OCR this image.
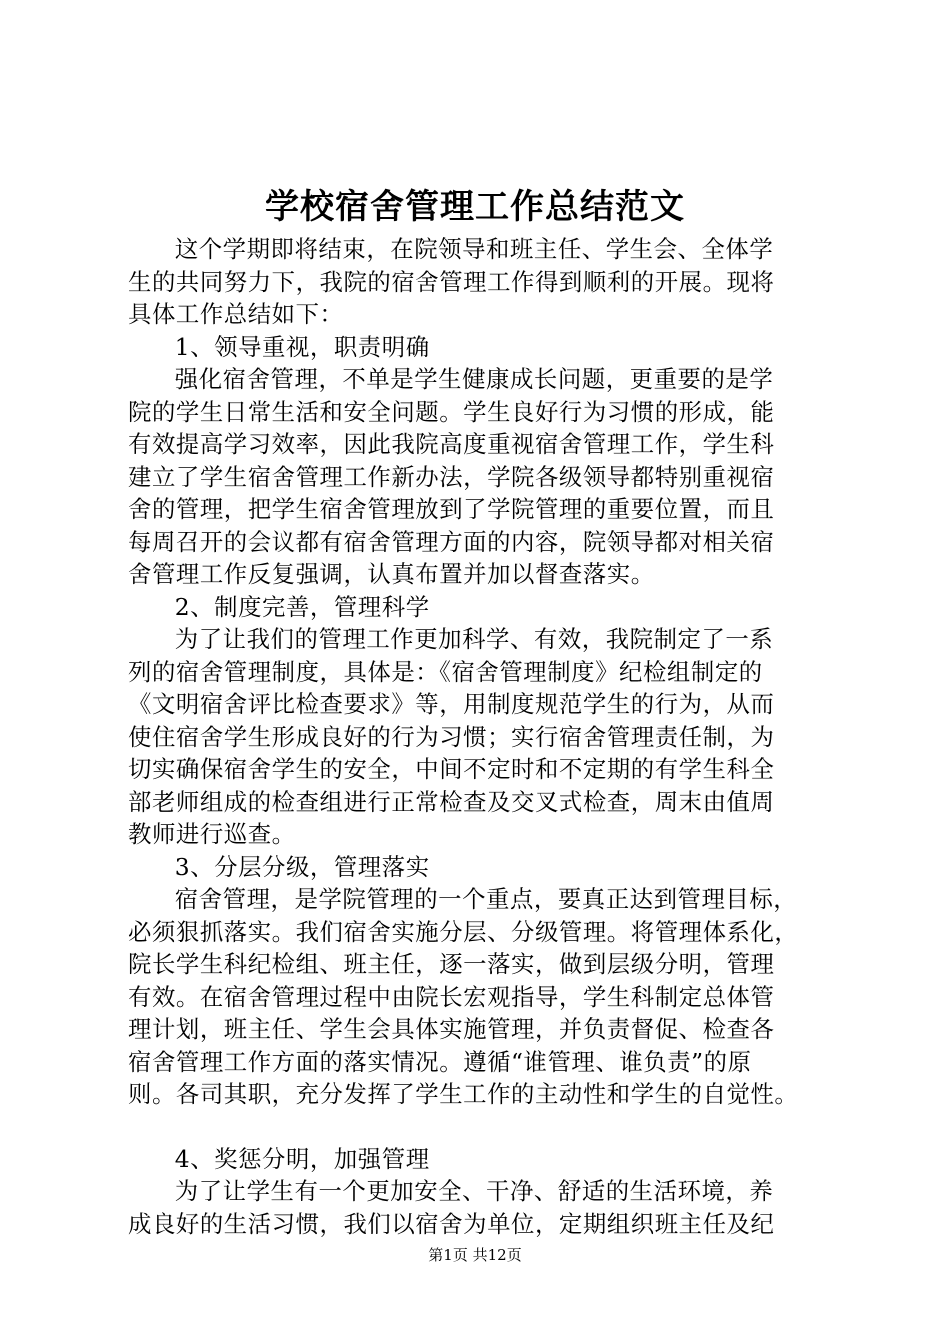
学校宿舍管理工作总结范文

这个学期即将结束，在院领导和班主任、学生会、全体学

生的共同努力下，我院的宿舍管理工作得到顺利的开展。现将

具体工作总结如下：

1、领导重视，职责明确

强化宿舍管理，不单是学生健康成长问题，更重要的是学

院的学生日常生活和安全问题。学生良好行为习惯的形成，能

有效提高学习效率，因此我院高度重视宿舍管理工作，学生科

建立了学生宿舍管理工作新办法，学院各级领导都特别重视宿

舍的管理，把学生宿舍管理放到了学院管理的重要位置，而且

每周召开的会议都有宿舍管理方面的内容，院领导都对相关宿

舍管理工作反复强调，认真布置并加以督查落实。

2、制度完善，管理科学

为了让我们的管理工作更加科学、有效，我院制定了一系

列的宿舍管理制度，具体是：《宿舍管理制度》纪检组制定的

《文明宿舍评比检查要求》等，用制度规范学生的行为，从而

使住宿舍学生形成良好的行为习惯；实行宿舍管理责任制，为

切实确保宿舍学生的安全，中间不定时和不定期的有学生科全

部老师组成的检查组进行正常检查及交叉式检查，周末由值周

教师进行巡查。

3、分层分级，管理落实

宿舍管理，是学院管理的一个重点，要真正达到管理目标，

必须狠抓落实。我们宿舍实施分层、分级管理。将管理体系化，

院长学生科纪检组、班主任，逐一落实，做到层级分明，管理

有效。在宿舍管理过程中由院长宏观指导，学生科制定总体管

理计划，班主任、学生会具体实施管理，并负责督促、检查各

宿舍管理工作方面的落实情况。遵循“谁管理、谁负责”的原

则。各司其职，充分发挥了学生工作的主动性和学生的自觉性。

4、奖惩分明，加强管理

为了让学生有一个更加安全、干净、舒适的生活环境，养

成良好的生活习惯，我们以宿舍为单位，定期组织班主任及纪

第1页 共12页
